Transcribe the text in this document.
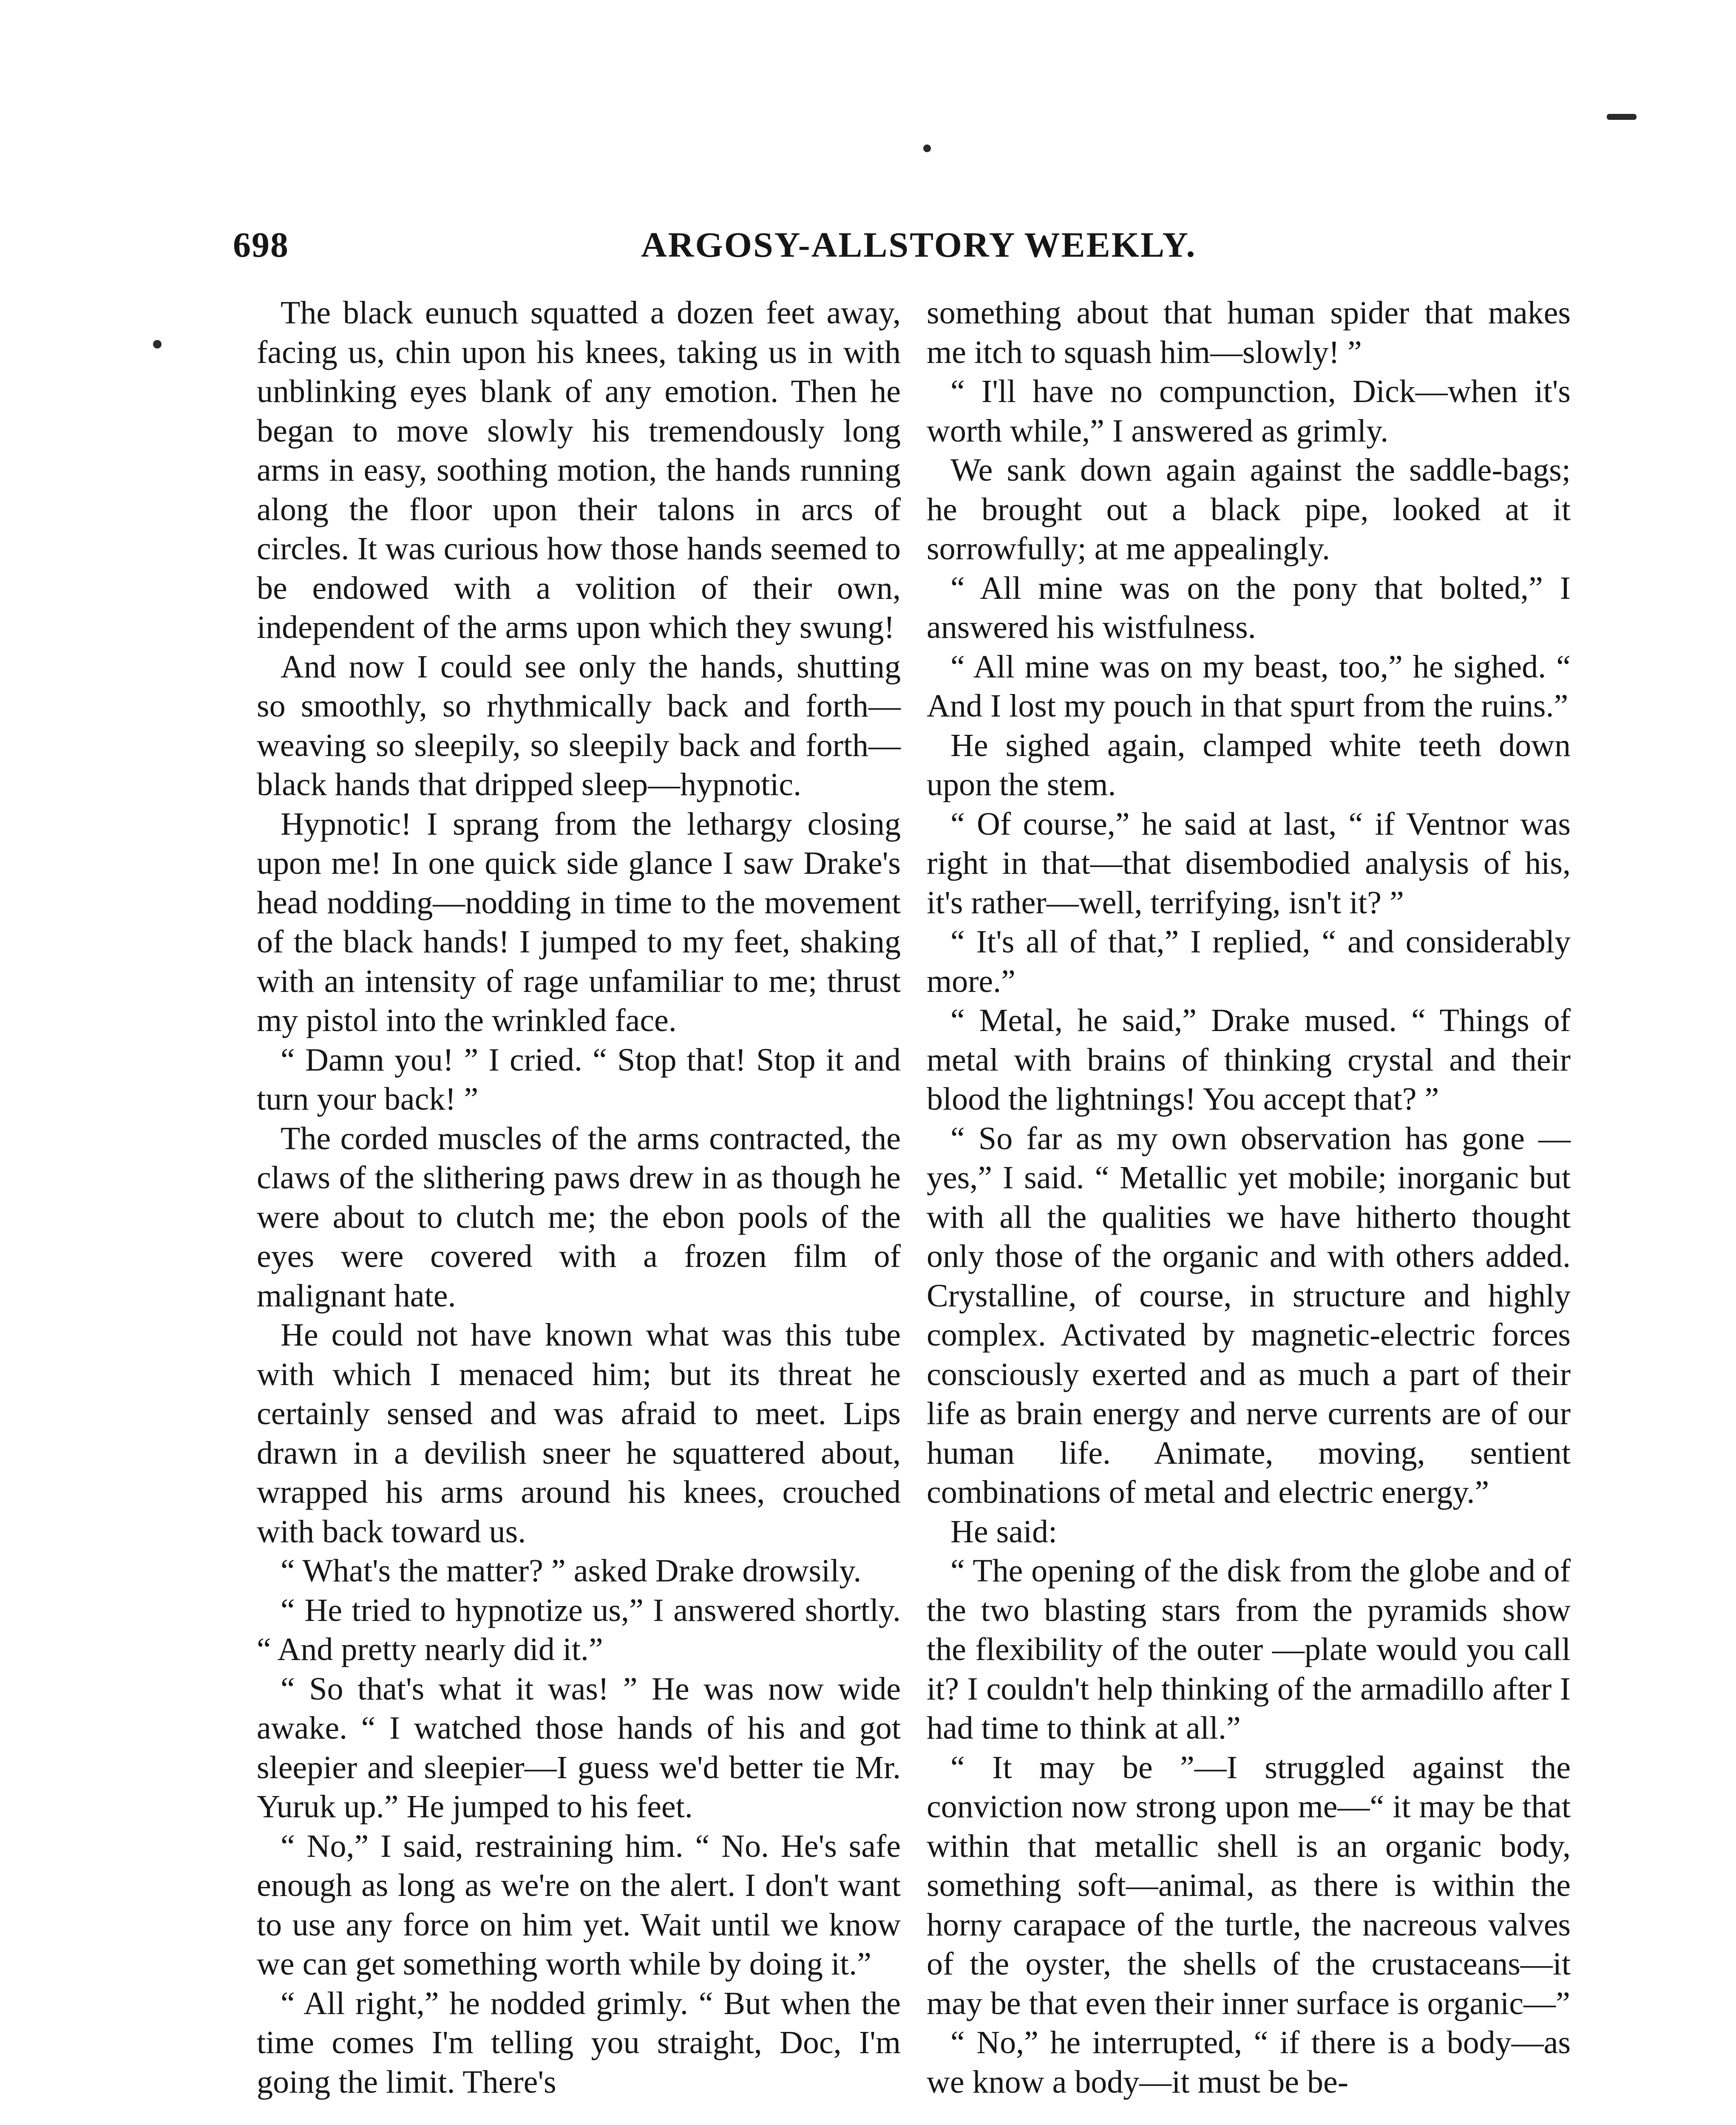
698	ARGOSY-ALLSTORY WEEKLY.

The black eunuch squatted a dozen feet away, facing us, chin upon his knees, taking us in with unblinking eyes blank of any emotion. Then he began to move slowly his tremendously long arms in easy, soothing motion, the hands running along the floor upon their talons in arcs of circles. It was curious how those hands seemed to be endowed with a volition of their own, independent of the arms upon which they swung!

And now I could see only the hands, shutting so smoothly, so rhythmically back and forth—weaving so sleepily, so sleepily back and forth—black hands that dripped sleep—hypnotic.

Hypnotic! I sprang from the lethargy closing upon me! In one quick side glance I saw Drake's head nodding—nodding in time to the movement of the black hands! I jumped to my feet, shaking with an intensity of rage unfamiliar to me; thrust my pistol into the wrinkled face.

“ Damn you! ” I cried. “ Stop that! Stop it and turn your back! ”

The corded muscles of the arms contracted, the claws of the slithering paws drew in as though he were about to clutch me; the ebon pools of the eyes were covered with a frozen film of malignant hate.

He could not have known what was this tube with which I menaced him; but its threat he certainly sensed and was afraid to meet. Lips drawn in a devilish sneer he squattered about, wrapped his arms around his knees, crouched with back toward us.

“ What's the matter? ” asked Drake drowsily.

“ He tried to hypnotize us,” I answered shortly. “ And pretty nearly did it.”

“ So that's what it was! ” He was now wide awake. “ I watched those hands of his and got sleepier and sleepier—I guess we'd better tie Mr. Yuruk up.” He jumped to his feet.

“ No,” I said, restraining him. “ No. He's safe enough as long as we're on the alert. I don't want to use any force on him yet. Wait until we know we can get something worth while by doing it.”

“ All right,” he nodded grimly. “ But when the time comes I'm telling you straight, Doc, I'm going the limit. There's

something about that human spider that makes me itch to squash him—slowly! ”

“ I'll have no compunction, Dick—when it's worth while,” I answered as grimly.

We sank down again against the saddle-bags; he brought out a black pipe, looked at it sorrowfully; at me appealingly.

“ All mine was on the pony that bolted,” I answered his wistfulness.

“ All mine was on my beast, too,” he sighed. “ And I lost my pouch in that spurt from the ruins.”

He sighed again, clamped white teeth down upon the stem.

“ Of course,” he said at last, “ if Ventnor was right in that—that disembodied analysis of his, it's rather—well, terrifying, isn't it? ”

“ It's all of that,” I replied, “ and considerably more.”

“ Metal, he said,” Drake mused. “ Things of metal with brains of thinking crystal and their blood the lightnings! You accept that? ”

“ So far as my own observation has gone —yes,” I said. “ Metallic yet mobile; inorganic but with all the qualities we have hitherto thought only those of the organic and with others added. Crystalline, of course, in structure and highly complex. Activated by magnetic-electric forces consciously exerted and as much a part of their life as brain energy and nerve currents are of our human life. Animate, moving, sentient combinations of metal and electric energy.”

He said:

“ The opening of the disk from the globe and of the two blasting stars from the pyramids show the flexibility of the outer —plate would you call it? I couldn't help thinking of the armadillo after I had time to think at all.”

“ It may be ”—I struggled against the conviction now strong upon me—“ it may be that within that metallic shell is an organic body, something soft—animal, as there is within the horny carapace of the turtle, the nacreous valves of the oyster, the shells of the crustaceans—it may be that even their inner surface is organic—”

“ No,” he interrupted, “ if there is a body—as we know a body—it must be be-
